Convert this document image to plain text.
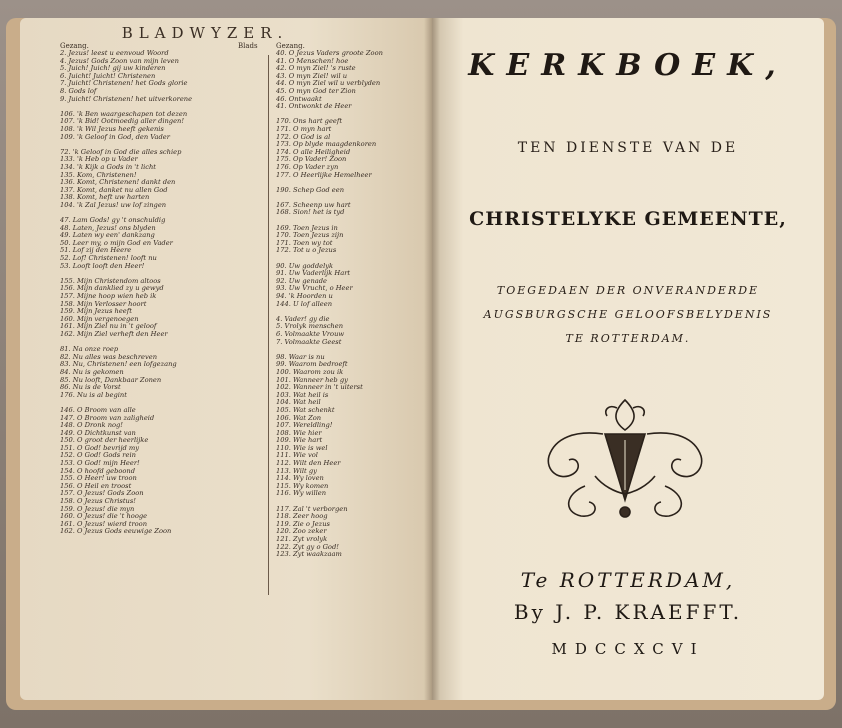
BLADWYZER.
Gezang.	Blads	Gezang.
2. Jezus! leest u eenvoud Woord
4. Jezus! Gods Zoon van mijn leven
5. Juich! Juich! gij uw kinderen
6. Juicht! Juicht! Christenen
7. Juicht! Christenen! het Gods glorie
8. Gods lof
9. Juicht! Christenen! het uitverkorene
106. 'k Ben waargeschapen tot dezen
107. 'k Bid! Ootmoedig aller dingen!
108. 'k Wil Jezus heeft gekenis
109. 'k Geloof in God, den Vader
72. 'k Geloof in God die alles schiep
133. 'k Heb op u Vader
134. 'k Kijk a Gods in 't licht
135. Kom, Christenen!
136. Komt, Christenen! dankt den
137. Komt, danket nu allen God
138. Komt, heft uw harten
104. 'k Zal Jezus! uw lof zingen
47. Lam Gods! gy 't onschuldig
48. Laten, Jezus! ons blyden
49. Laten wy een' dankzang
50. Leer my, o mijn God en Vader
51. Lof zij den Heere
52. Lof! Christenen! looft nu
53. Looft looft den Heer!
155. Mijn Christendom altoos
156. Mijn danklied zy u gewyd
157. Mijne hoop wien heb ik
158. Mijn Verlosser hoort
159. Mijn Jezus heeft
160. Mijn vergenoegen
161. Mijn Ziel nu in 't geloof
162. Mijn Ziel verheft den Heer
81. Na onze roep
82. Nu alles was beschreven
83. Nu, Christenen! een lofgezang
84. Nu is gekomen
85. Nu looft, Dankbaar Zonen
86. Nu is de Vorst
176. Nu is al begint
146. O Broom van alle
147. O Broom van zaligheid
148. O Dronk nog!
149. O Dichtkunst van
150. O groot der heerlijke
151. O God! bevrijd my
152. O God! Gods rein
153. O God! mijn Heer!
154. O hoofd geboond
155. O Heer! uw troon
156. O Heil en troost
157. O Jezus! Gods Zoon
158. O Jezus Christus!
159. O Jezus! die myn
160. O Jezus! die 't hooge
161. O Jezus! wierd troon
162. O Jezus Gods eeuwige Zoon
40. O Jezus Vaders groote Zoon
41. O Menschen! hoe
42. O myn Ziel! 's ruste
43. O myn Ziel! wil u
44. O myn Ziel wil u verblyden
45. O myn God ter Zion
46. Ontwaakt
41. Ontwonkt de Heer
170. Ons hart geeft
171. O myn hart
172. O God is al
173. Op blyde maagdenkoren
174. O alle Heiligheid
175. Op Vader! Zoon
176. Op Vader zyn
177. O Heerlijke Hemelheer
190. Schep God een
167. Scheenp uw hart
168. Sion! het is tyd
169. Toen Jezus in
170. Toen Jezus zijn
171. Toen wy tot
172. Tot u o Jezus
90. Uw goddelyk
91. Uw Vaderlijk Hart
92. Uw genade
93. Uw Vrucht, o Heer
94. 'k Hoorden u
144. U lof alleen
4. Vader! gy die
5. Vrolyk menschen
6. Volmaakte Vrouw
7. Volmaakte Geest
98. Waar is nu
99. Waarom bedroeft
100. Waarom zou ik
101. Wanneer heb gy
102. Wanneer in 't uiterst
103. Wat heil is
104. Wat heil
105. Wat schenkt
106. Wat Zon
107. Wereldling!
108. Wie hier
109. Wie hart
110. Wie is wel
111. Wie vol
112. Wilt den Heer
113. Wilt gy
114. Wy loven
115. Wy komen
116. Wy willen
117. Zal 't verborgen
118. Zeer hoog
119. Zie o Jezus
120. Zoo zeker
121. Zyt vrolyk
122. Zyt gy o God!
123. Zyt waakzaam
KERKBOEK,
TEN DIENSTE VAN DE
CHRISTELYKE GEMEENTE,
TOEGEDAEN DER ONVERANDERDE
AUGSBURGSCHE GELOOFSBELYDENIS
TE ROTTERDAM.
Te ROTTERDAM,
By J. P. KRAEFFT.
MDCCXCVI
